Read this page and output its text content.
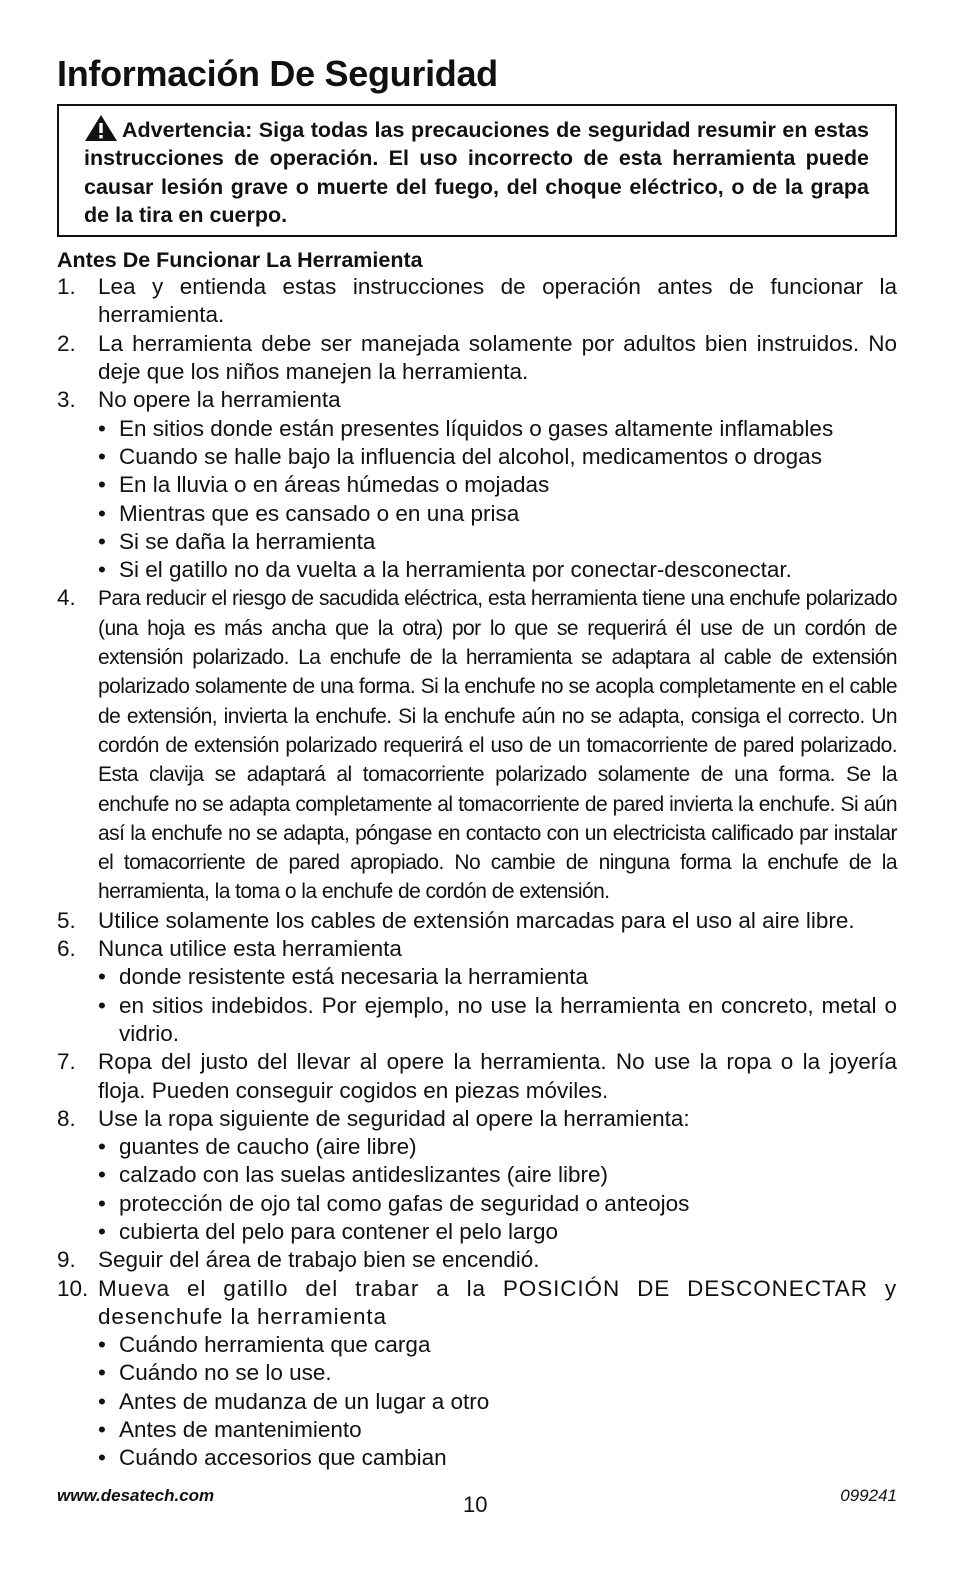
Información De Seguridad
Advertencia: Siga todas las precauciones de seguridad resumir en estas instrucciones de operación. El uso incorrecto de esta herramienta puede causar lesión grave o muerte del fuego, del choque eléctrico, o de la grapa de la tira en cuerpo.
Antes De Funcionar La Herramienta
1. Lea y entienda estas instrucciones de operación antes de funcionar la herramienta.
2. La herramienta debe ser manejada solamente por adultos bien instruidos. No deje que los niños manejen la herramienta.
3. No opere la herramienta
• En sitios donde están presentes líquidos o gases altamente inflamables
• Cuando se halle bajo la influencia del alcohol, medicamentos o drogas
• En la lluvia o en áreas húmedas o mojadas
• Mientras que es cansado o en una prisa
• Si se daña la herramienta
• Si el gatillo no da vuelta a la herramienta por conectar-desconectar.
4. Para reducir el riesgo de sacudida eléctrica, esta herramienta tiene una enchufe polarizado (una hoja es más ancha que la otra) por lo que se requerirá él use de un cordón de extensión polarizado. La enchufe de la herramienta se adaptara al cable de extensión polarizado solamente de una forma. Si la enchufe no se acopla completamente en el cable de extensión, invierta la enchufe. Si la enchufe aún no se adapta, consiga el correcto. Un cordón de extensión polarizado requerirá el uso de un tomacorriente de pared polarizado. Esta clavija se adaptará al tomacorriente polarizado solamente de una forma. Se la enchufe no se adapta completamente al tomacorriente de pared invierta la enchufe. Si aún así la enchufe no se adapta, póngase en contacto con un electricista calificado par instalar el tomacorriente de pared apropiado. No cambie de ninguna forma la enchufe de la herramienta, la toma o la enchufe de cordón de extensión.
5. Utilice solamente los cables de extensión marcadas para el uso al aire libre.
6. Nunca utilice esta herramienta
• donde resistente está necesaria la herramienta
• en sitios indebidos. Por ejemplo, no use la herramienta en concreto, metal o vidrio.
7. Ropa del justo del llevar al opere la herramienta. No use la ropa o la joyería floja. Pueden conseguir cogidos en piezas móviles.
8. Use la ropa siguiente de seguridad al opere la herramienta:
• guantes de caucho (aire libre)
• calzado con las suelas antideslizantes (aire libre)
• protección de ojo tal como gafas de seguridad o anteojos
• cubierta del pelo para contener el pelo largo
9. Seguir del área de trabajo bien se encendió.
10. Mueva el gatillo del trabar a la POSICIÓN DE DESCONECTAR y desenchufe la herramienta
• Cuándo herramienta que carga
• Cuándo no se lo use.
• Antes de mudanza de un lugar a otro
• Antes de mantenimiento
• Cuándo accesorios que cambian
www.desatech.com	10	099241
